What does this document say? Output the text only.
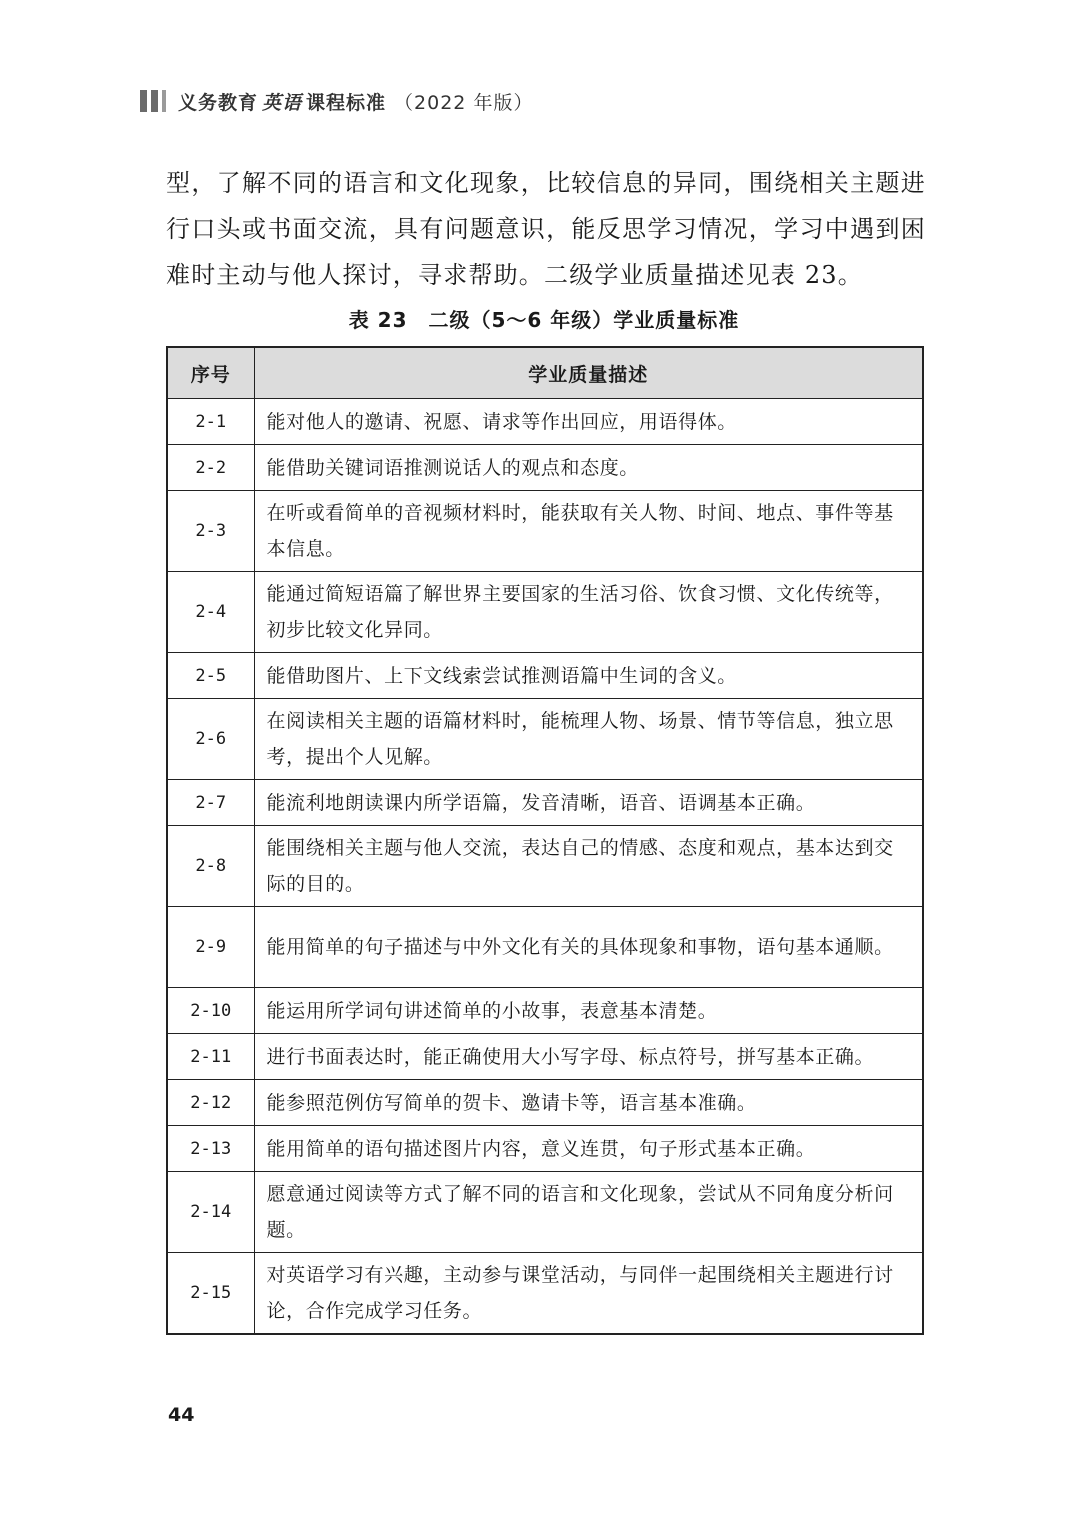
义务教育 英语 课程标准 （2022 年版）

型，了解不同的语言和文化现象，比较信息的异同，围绕相关主题进行口头或书面交流，具有问题意识，能反思学习情况，学习中遇到困难时主动与他人探讨，寻求帮助。二级学业质量描述见表 23。

表 23　二级（5～6 年级）学业质量标准
序号	学业质量描述
2-1	能对他人的邀请、祝愿、请求等作出回应，用语得体。
2-2	能借助关键词语推测说话人的观点和态度。
2-3	在听或看简单的音视频材料时，能获取有关人物、时间、地点、事件等基本信息。
2-4	能通过简短语篇了解世界主要国家的生活习俗、饮食习惯、文化传统等，初步比较文化异同。
2-5	能借助图片、上下文线索尝试推测语篇中生词的含义。
2-6	在阅读相关主题的语篇材料时，能梳理人物、场景、情节等信息，独立思考，提出个人见解。
2-7	能流利地朗读课内所学语篇，发音清晰，语音、语调基本正确。
2-8	能围绕相关主题与他人交流，表达自己的情感、态度和观点，基本达到交际的目的。
2-9	能用简单的句子描述与中外文化有关的具体现象和事物，语句基本通顺。
2-10	能运用所学词句讲述简单的小故事，表意基本清楚。
2-11	进行书面表达时，能正确使用大小写字母、标点符号，拼写基本正确。
2-12	能参照范例仿写简单的贺卡、邀请卡等，语言基本准确。
2-13	能用简单的语句描述图片内容，意义连贯，句子形式基本正确。
2-14	愿意通过阅读等方式了解不同的语言和文化现象，尝试从不同角度分析问题。
2-15	对英语学习有兴趣，主动参与课堂活动，与同伴一起围绕相关主题进行讨论，合作完成学习任务。
44
